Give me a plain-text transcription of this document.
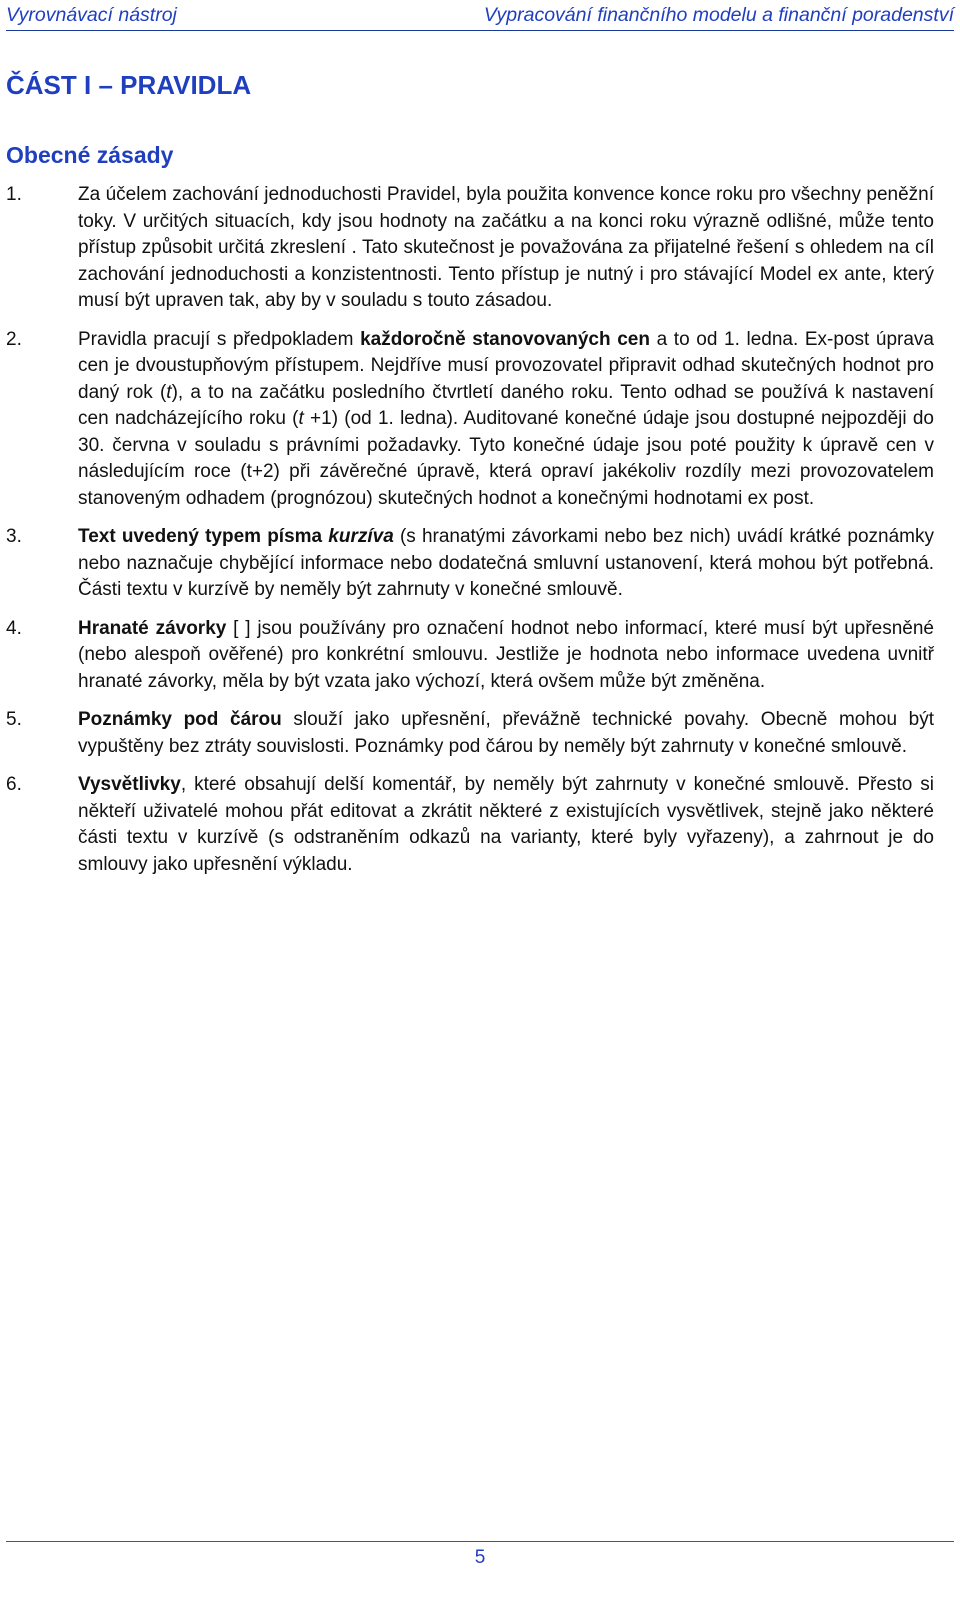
Vyrovnávací nástroj	Vypracování finančního modelu a finanční poradenství
ČÁST I – PRAVIDLA
Obecné zásady
1.	Za účelem zachování jednoduchosti Pravidel, byla použita konvence konce roku pro všechny peněžní toky. V určitých situacích, kdy jsou hodnoty na začátku a na konci roku výrazně odlišné, může tento přístup způsobit určitá zkreslení . Tato skutečnost je považována za přijatelné řešení s ohledem na cíl zachování jednoduchosti a konzistentnosti. Tento přístup je nutný i pro stávající Model ex ante, který musí být upraven tak, aby by v souladu s touto zásadou.
2.	Pravidla pracují s předpokladem každoročně stanovovaných cen a to od 1. ledna. Ex-post úprava cen je dvoustupňovým přístupem. Nejdříve musí provozovatel připravit odhad skutečných hodnot pro daný rok (t), a to na začátku posledního čtvrtletí daného roku. Tento odhad se používá k nastavení cen nadcházejícího roku (t +1) (od 1. ledna). Auditované konečné údaje jsou dostupné nejpozději do 30. června v souladu s právními požadavky. Tyto konečné údaje jsou poté použity k úpravě cen v následujícím roce (t+2) při závěrečné úpravě, která opraví jakékoliv rozdíly mezi provozovatelem stanoveným odhadem (prognózou) skutečných hodnot a konečnými hodnotami ex post.
3.	Text uvedený typem písma kurzíva (s hranatými závorkami nebo bez nich) uvádí krátké poznámky nebo naznačuje chybějící informace nebo dodatečná smluvní ustanovení, která mohou být potřebná. Části textu v kurzívě by neměly být zahrnuty v konečné smlouvě.
4.	Hranaté závorky [ ] jsou používány pro označení hodnot nebo informací, které musí být upřesněné (nebo alespoň ověřené) pro konkrétní smlouvu. Jestliže je hodnota nebo informace uvedena uvnitř hranaté závorky, měla by být vzata jako výchozí, která ovšem může být změněna.
5.	Poznámky pod čárou slouží jako upřesnění, převážně technické povahy. Obecně mohou být vypuštěny bez ztráty souvislosti. Poznámky pod čárou by neměly být zahrnuty v konečné smlouvě.
6.	Vysvětlivky, které obsahují delší komentář, by neměly být zahrnuty v konečné smlouvě. Přesto si někteří uživatelé mohou přát editovat a zkrátit některé z existujících vysvětlivek, stejně jako některé části textu v kurzívě (s odstraněním odkazů na varianty, které byly vyřazeny), a zahrnout je do smlouvy jako upřesnění výkladu.
5
